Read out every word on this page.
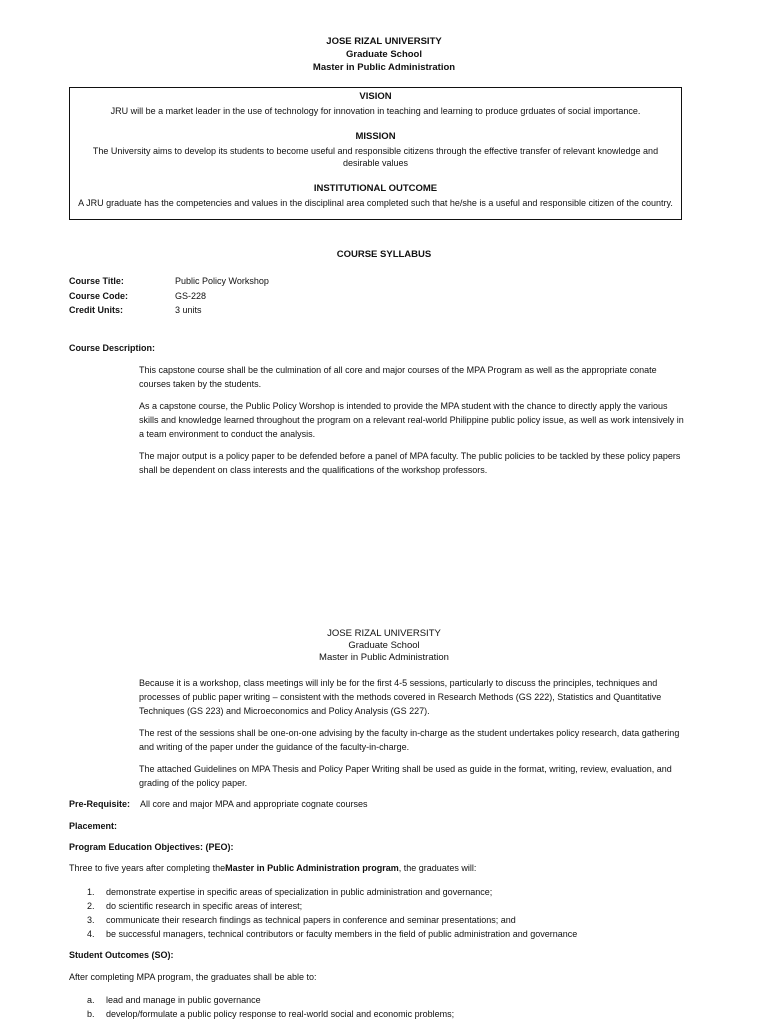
JOSE RIZAL UNIVERSITY
Graduate School
Master in Public Administration
VISION
JRU will be a market leader in the use of technology for innovation in teaching and learning to produce grduates of social importance.
MISSION
The University aims to develop its students to become useful and responsible citizens through the effective transfer of relevant knowledge and desirable values
INSTITUTIONAL OUTCOME
A JRU graduate has the competencies and values in the disciplinal area completed such that he/she is a useful and responsible citizen of the country.
COURSE SYLLABUS
Course Title:	Public Policy Workshop
Course Code:	GS-228
Credit Units:	3 units
Course Description:
This capstone course shall be the culmination of all core and major courses of the MPA Program as well as the appropriate conate courses taken by the students.
As a capstone course, the Public Policy Worshop is intended to provide the MPA student with the chance to directly apply the various skills and knowledge learned throughout the program on a relevant real-world Philippine public policy issue, as well as work intensively in a team environment to conduct the analysis.
The major output is a policy paper to be defended before a panel of MPA faculty. The public policies to be tackled by these policy papers shall be dependent on class interests and the qualifications of the workshop professors.
JOSE RIZAL UNIVERSITY
Graduate School
Master in Public Administration
Because it is a workshop, class meetings will inly be for the first 4-5 sessions, particularly to discuss the principles, techniques and processes of public paper writing – consistent with the methods covered in Research Methods (GS 222), Statistics and Quantitative Techniques (GS 223) and Microeconomics and Policy Analysis (GS 227).
The rest of the sessions shall be one-on-one advising by the faculty in-charge as the student undertakes policy research, data gathering and writing of the paper under the guidance of the faculty-in-charge.
The attached Guidelines on MPA Thesis and Policy Paper Writing shall be used as guide in the format, writing, review, evaluation, and grading of the policy paper.
Pre-Requisite: All core and major MPA and appropriate cognate courses
Placement:
Program Education Objectives: (PEO):
Three to five years after completing theMaster in Public Administration program, the graduates will:
1. demonstrate expertise in specific areas of specialization in public administration and governance;
2. do scientific research in specific areas of interest;
3. communicate their research findings as technical papers in conference and seminar presentations; and
4. be successful managers, technical contributors or faculty members in the field of public administration and governance
Student Outcomes (SO):
After completing MPA program, the graduates shall be able to:
a. lead and manage in public governance
b. develop/formulate a public policy response to real-world social and economic problems;
